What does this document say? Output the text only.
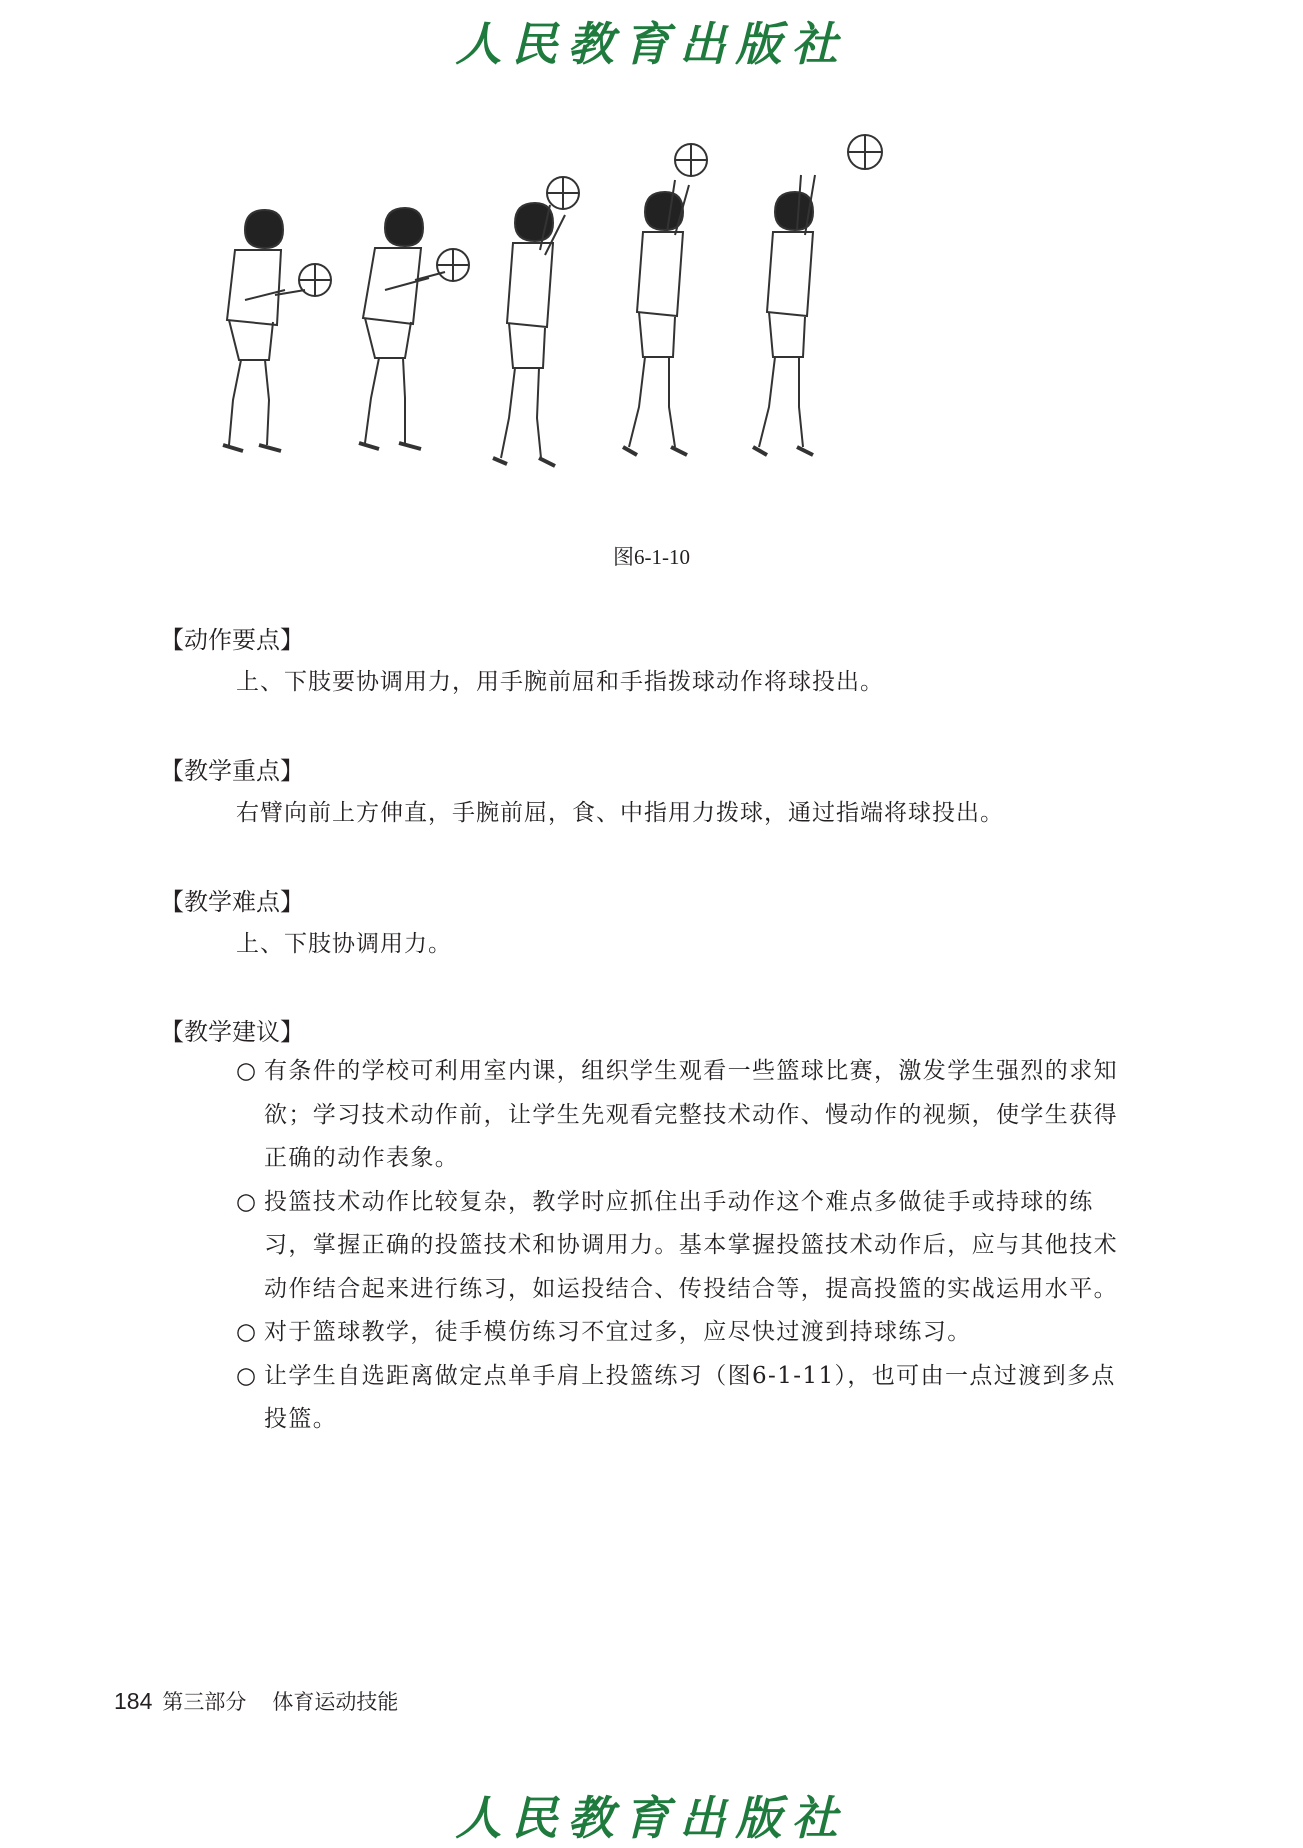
人民教育出版社
图6-1-10
【动作要点】
上、下肢要协调用力，用手腕前屈和手指拨球动作将球投出。
【教学重点】
右臂向前上方伸直，手腕前屈，食、中指用力拨球，通过指端将球投出。
【教学难点】
上、下肢协调用力。
【教学建议】
○ 有条件的学校可利用室内课，组织学生观看一些篮球比赛，激发学生强烈的求知欲；学习技术动作前，让学生先观看完整技术动作、慢动作的视频，使学生获得正确的动作表象。
○ 投篮技术动作比较复杂，教学时应抓住出手动作这个难点多做徒手或持球的练习，掌握正确的投篮技术和协调用力。基本掌握投篮技术动作后，应与其他技术动作结合起来进行练习，如运投结合、传投结合等，提高投篮的实战运用水平。
○ 对于篮球教学，徒手模仿练习不宜过多，应尽快过渡到持球练习。
○ 让学生自选距离做定点单手肩上投篮练习（图6-1-11），也可由一点过渡到多点投篮。
184 第三部分 体育运动技能
人民教育出版社
